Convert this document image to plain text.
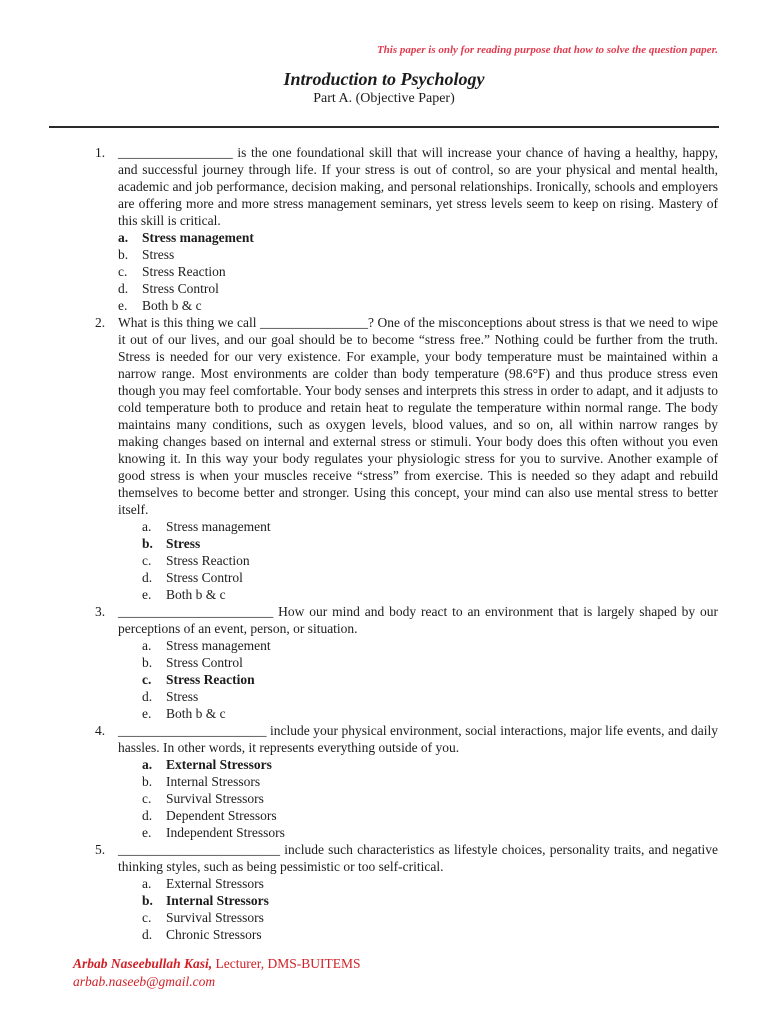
This paper is only for reading purpose that how to solve the question paper.
Introduction to Psychology
Part A. (Objective Paper)
1. _________________ is the one foundational skill that will increase your chance of having a healthy, happy, and successful journey through life. If your stress is out of control, so are your physical and mental health, academic and job performance, decision making, and personal relationships. Ironically, schools and employers are offering more and more stress management seminars, yet stress levels seem to keep on rising. Mastery of this skill is critical.
a.	Stress management
b.	Stress
c.	Stress Reaction
d.	Stress Control
e.	Both b & c
2. What is this thing we call ________________? One of the misconceptions about stress is that we need to wipe it out of our lives, and our goal should be to become “stress free.” Nothing could be further from the truth. Stress is needed for our very existence. For example, your body temperature must be maintained within a narrow range. Most environments are colder than body temperature (98.6°F) and thus produce stress even though you may feel comfortable. Your body senses and interprets this stress in order to adapt, and it adjusts to cold temperature both to produce and retain heat to regulate the temperature within normal range. The body maintains many conditions, such as oxygen levels, blood values, and so on, all within narrow ranges by making changes based on internal and external stress or stimuli. Your body does this often without you even knowing it. In this way your body regulates your physiologic stress for you to survive. Another example of good stress is when your muscles receive “stress” from exercise. This is needed so they adapt and rebuild themselves to become better and stronger. Using this concept, your mind can also use mental stress to better itself.
a.	Stress management
b. Stress
c.	Stress Reaction
d.	Stress Control
e.	Both b & c
3. _______________________ How our mind and body react to an environment that is largely shaped by our perceptions of an event, person, or situation.
a.	Stress management
b.	Stress Control
c.	Stress Reaction
d.	Stress
e.	Both b & c
4. ______________________ include your physical environment, social interactions, major life events, and daily hassles. In other words, it represents everything outside of you.
a.	External Stressors
b.	Internal Stressors
c.	Survival Stressors
d.	Dependent Stressors
e.	Independent Stressors
5. ________________________ include such characteristics as lifestyle choices, personality traits, and negative thinking styles, such as being pessimistic or too self-critical.
a.	External Stressors
b. Internal Stressors
c.	Survival Stressors
d.	Chronic Stressors
Arbab Naseebullah Kasi, Lecturer, DMS-BUITEMS
arbab.naseeb@gmail.com
